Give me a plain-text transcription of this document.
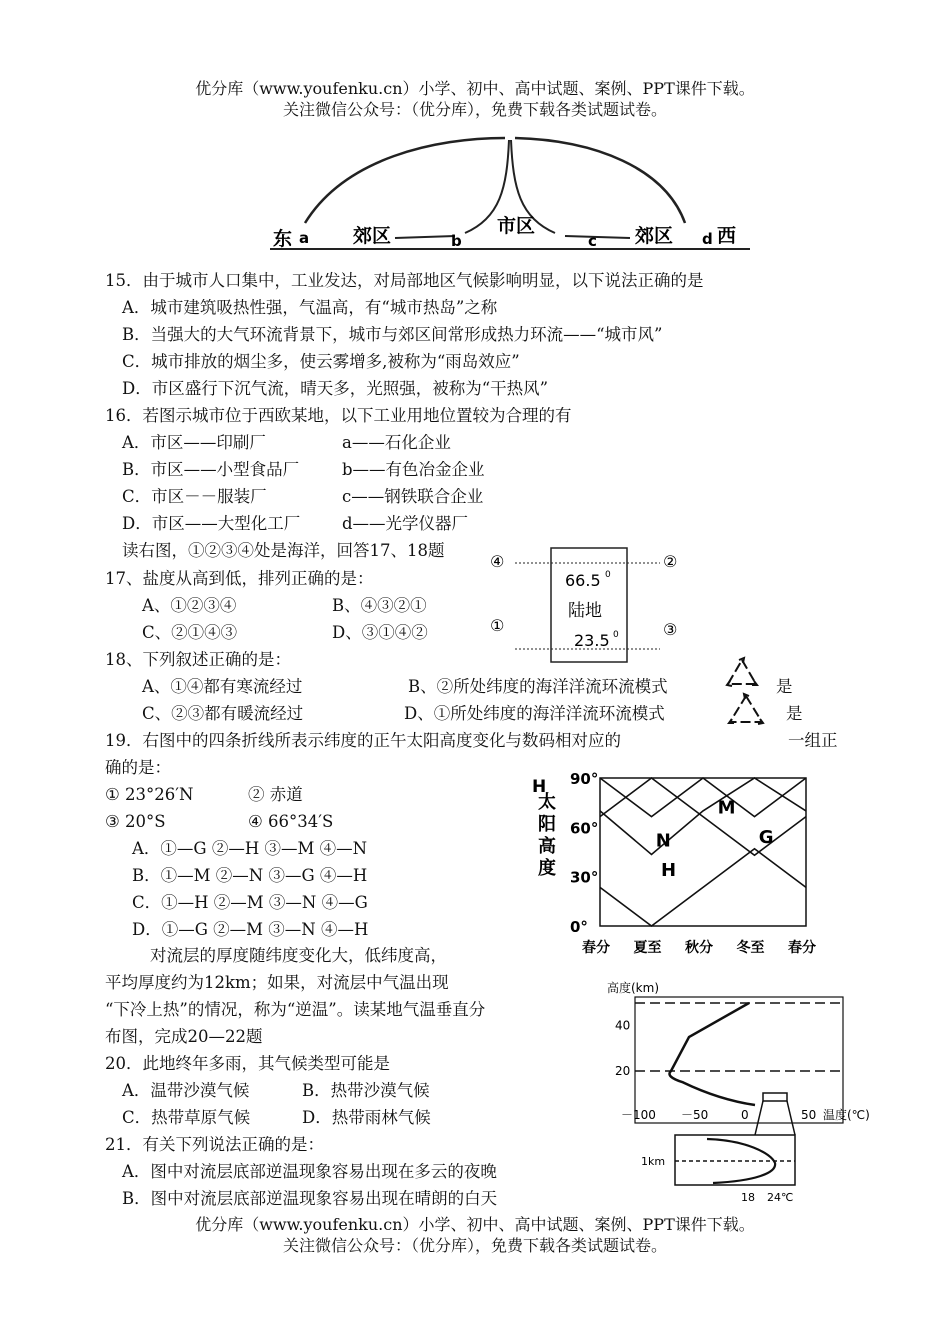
优分库（www.youfenku.cn）小学、初中、高中试题、案例、PPT课件下载。
关注微信公众号：（优分库），免费下载各类试题试卷。
东 a 郊区	b
市区
c 郊区 d 西
15．由于城市人口集中，工业发达，对局部地区气候影响明显，以下说法正确的是
A．城市建筑吸热性强，气温高，有“城市热岛”之称
B．当强大的大气环流背景下，城市与郊区间常形成热力环流——“城市风”
C．城市排放的烟尘多，使云雾增多,被称为“雨岛效应”
D．市区盛行下沉气流，晴天多，光照强，被称为“干热风”
16．若图示城市位于西欧某地，以下工业用地位置较为合理的有
A．市区——印刷厂	a——石化企业
B．市区——小型食品厂	b——有色冶金企业
C．市区－－服装厂	c——钢铁联合企业
D．市区——大型化工厂	d——光学仪器厂
读右图，①②③④处是海洋，回答17、18题
④	②
①	③
66.5 0
陆地
23.5 0
17、盐度从高到低，排列正确的是：
A、①②③④	B、④③②①
C、②①④③	D、③①④②
18、下列叙述正确的是：
A、①④都有寒流经过	B、②所处纬度的海洋洋流环流模式	是
C、②③都有暖流经过	D、①所处纬度的海洋洋流环流模式	是
19．右图中的四条折线所表示纬度的正午太阳高度变化与数码相对应的	一组正
确的是：
① 23°26′N	② 赤道
③ 20°S	④ 66°34′S
A．①—G ②—H ③—M ④—N
B．①—M ②—N ③—G ④—H
C．①—H ②—M ③—N ④—G
D．①—G ②—M ③—N ④—H
H
太阳高度
90°
60°
30°
0°
G
M
N
H
春分 夏至 秋分 冬至 春分
对流层的厚度随纬度变化大，低纬度高，
平均厚度约为12km；如果，对流层中气温出现
“下冷上热”的情况，称为“逆温”。读某地气温垂直分
布图，完成20—22题
高度(km)
40
20
－100 －50	0	50 温度(℃)
1km
18 24℃
20．此地终年多雨，其气候类型可能是
A．温带沙漠气候	B．热带沙漠气候
C．热带草原气候	D．热带雨林气候
21．有关下列说法正确的是：
A．图中对流层底部逆温现象容易出现在多云的夜晚
B．图中对流层底部逆温现象容易出现在晴朗的白天
优分库（www.youfenku.cn）小学、初中、高中试题、案例、PPT课件下载。
关注微信公众号：（优分库），免费下载各类试题试卷。
